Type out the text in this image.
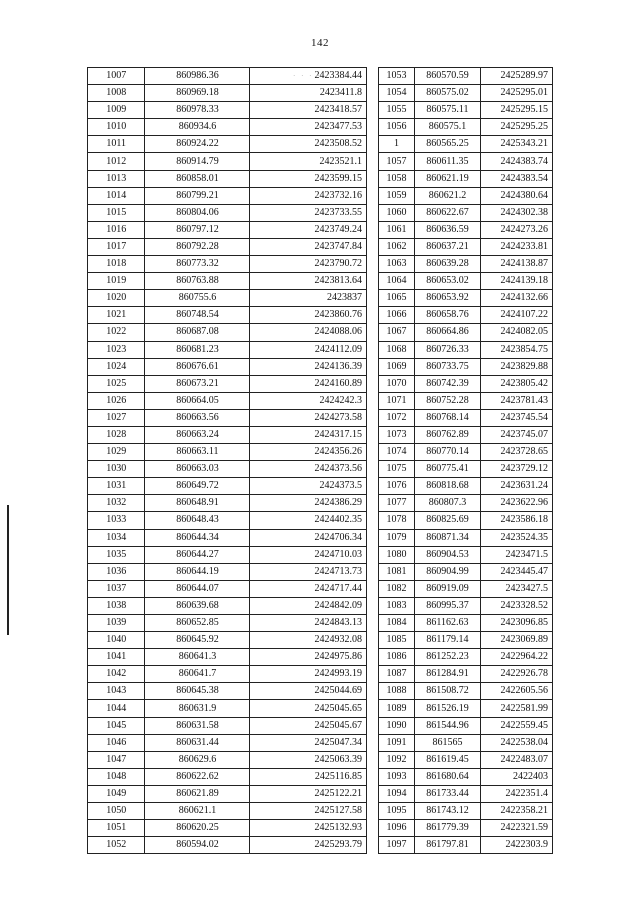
142
1007	860986.36	2423384.44
1008	860969.18	2423411.8
1009	860978.33	2423418.57
1010	860934.6	2423477.53
1011	860924.22	2423508.52
1012	860914.79	2423521.1
1013	860858.01	2423599.15
1014	860799.21	2423732.16
1015	860804.06	2423733.55
1016	860797.12	2423749.24
1017	860792.28	2423747.84
1018	860773.32	2423790.72
1019	860763.88	2423813.64
1020	860755.6	2423837
1021	860748.54	2423860.76
1022	860687.08	2424088.06
1023	860681.23	2424112.09
1024	860676.61	2424136.39
1025	860673.21	2424160.89
1026	860664.05	2424242.3
1027	860663.56	2424273.58
1028	860663.24	2424317.15
1029	860663.11	2424356.26
1030	860663.03	2424373.56
1031	860649.72	2424373.5
1032	860648.91	2424386.29
1033	860648.43	2424402.35
1034	860644.34	2424706.34
1035	860644.27	2424710.03
1036	860644.19	2424713.73
1037	860644.07	2424717.44
1038	860639.68	2424842.09
1039	860652.85	2424843.13
1040	860645.92	2424932.08
1041	860641.3	2424975.86
1042	860641.7	2424993.19
1043	860645.38	2425044.69
1044	860631.9	2425045.65
1045	860631.58	2425045.67
1046	860631.44	2425047.34
1047	860629.6	2425063.39
1048	860622.62	2425116.85
1049	860621.89	2425122.21
1050	860621.1	2425127.58
1051	860620.25	2425132.93
1052	860594.02	2425293.79
1053	860570.59	2425289.97
1054	860575.02	2425295.01
1055	860575.11	2425295.15
1056	860575.1	2425295.25
1	860565.25	2425343.21
1057	860611.35	2424383.74
1058	860621.19	2424383.54
1059	860621.2	2424380.64
1060	860622.67	2424302.38
1061	860636.59	2424273.26
1062	860637.21	2424233.81
1063	860639.28	2424138.87
1064	860653.02	2424139.18
1065	860653.92	2424132.66
1066	860658.76	2424107.22
1067	860664.86	2424082.05
1068	860726.33	2423854.75
1069	860733.75	2423829.88
1070	860742.39	2423805.42
1071	860752.28	2423781.43
1072	860768.14	2423745.54
1073	860762.89	2423745.07
1074	860770.14	2423728.65
1075	860775.41	2423729.12
1076	860818.68	2423631.24
1077	860807.3	2423622.96
1078	860825.69	2423586.18
1079	860871.34	2423524.35
1080	860904.53	2423471.5
1081	860904.99	2423445.47
1082	860919.09	2423427.5
1083	860995.37	2423328.52
1084	861162.63	2423096.85
1085	861179.14	2423069.89
1086	861252.23	2422964.22
1087	861284.91	2422926.78
1088	861508.72	2422605.56
1089	861526.19	2422581.99
1090	861544.96	2422559.45
1091	861565	2422538.04
1092	861619.45	2422483.07
1093	861680.64	2422403
1094	861733.44	2422351.4
1095	861743.12	2422358.21
1096	861779.39	2422321.59
1097	861797.81	2422303.9
· · · ·
